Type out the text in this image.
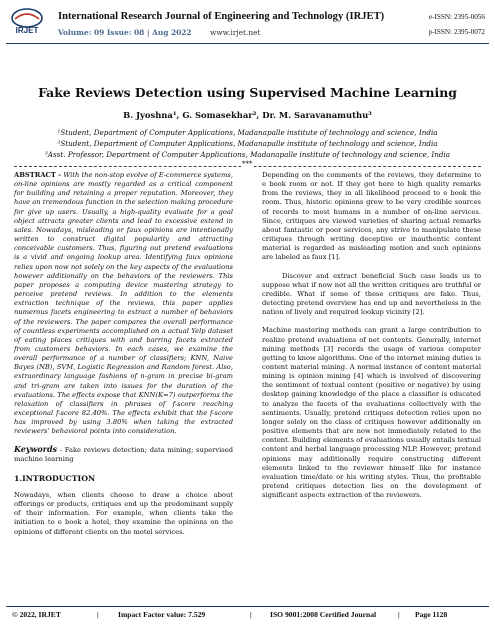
IRJET
International Research Journal of Engineering and Technology (IRJET)
Volume: 09 Issue: 08 | Aug 2022 www.irjet.net
e-ISSN: 2395-0056
p-ISSN: 2395-0072
Fake Reviews Detection using Supervised Machine Learning
B. Jyoshna¹, G. Somasekhar², Dr. M. Saravanamuthu³
¹Student, Department of Computer Applications, Madanapalle institute of technology and science, India
²Student, Department of Computer Applications, Madanapalle institute of technology and science, India
³Asst. Professor, Department of Computer Applications, Madanapalle institute of technology and science, India
***

ABSTRACT - With the non-stop evolve of E-commerce systems, on-line opinions are mostly regarded as a critical component for building and retaining a proper reputation. Moreover, they have an tremendous function in the selection making procedure for give up users. Usually, a high-quality evaluate for a goal object attracts greater clients and lead to excessive extend in sales. Nowadays, misleading or faux opinions are intentionally written to construct digital popularity and attracting conceivable customers. Thus, figuring out pretend evaluations is a vivid and ongoing lookup area. Identifying faux opinions relies upon now not solely on the key aspects of the evaluations however additionally on the behaviors of the reviewers. This paper proposes a computing device mastering strategy to perceive pretend reviews. In addition to the elements extraction technique of the reviews, this paper applies numerous facets engineering to extract a number of behaviors of the reviewers. The paper compares the overall performance of countless experiments accomplished on a actual Yelp dataset of eating places critiques with and barring facets extracted from customers behaviors. In each cases, we examine the overall performance of a number of classifiers; KNN, Naive Bayes (NB), SVM, Logistic Regression and Random forest. Also, extraordinary language fashions of n-gram in precise bi-gram and tri-gram are taken into issues for the duration of the evaluations. The effects expose that KNN(K=7) outperforms the relaxation of classifiers in phrases of f-score reaching exceptional f-score 82.40%. The effects exhibit that the f-score has improved by using 3.80% when taking the extracted reviewers' behavioral points into consideration.

Keywords - Fake reviews detection; data mining; supervised machine learning

1.INTRODUCTION

Nowadays, when clients choose to draw a choice about offerings or products, critiques end up the predominant supply of their information. For example, when clients take the initiation to e book a hotel, they examine the opinions on the opinions of different clients on the motel services.

Depending on the comments of the reviews, they determine to e book room or not. If they got here to high quality remarks from the reviews, they in all likelihood proceed to e book the room. Thus, historic opinions grew to be very credible sources of records to most humans in a number of on-line services. Since, critiques are viewed varieties of sharing actual remarks about fantastic or poor services, any strive to manipulate these critiques through writing deceptive or inauthentic content material is regarded as misleading motion and such opinions are labeled as faux [1].

Discover and extract beneficial Such case leads us to suppose what if now not all the written critiques are truthful or credible. What if some of these critiques are fake. Thus, detecting pretend overview has end up and nevertheless in the nation of lively and required lookup vicinity [2].

Machine mastering methods can grant a large contribution to realize pretend evaluations of net contents. Generally, internet mining methods [3] records the usage of various computer getting to know algorithms. One of the internet mining duties is content material mining. A normal instance of content material mining is opinion mining [4] which is involved of discovering the sentiment of textual content (positive or negative) by using desktop gaining knowledge of the place a classifier is educated to analyze the facets of the evaluations collectively with the sentiments. Usually, pretend critiques detection relies upon no longer solely on the class of critiques however additionally on positive elements that are now not immediately related to the content. Building elements of evaluations usually entails textual content and herbal language processing NLP. However, pretend opinions may additionally require constructing different elements linked to the reviewer himself like for instance evaluation time/date or his writing styles. Thus, the profitable pretend critiques detection lies on the development of significant aspects extraction of the reviewers.

© 2022, IRJET	|	Impact Factor value: 7.529	| ISO 9001:2008 Certified Journal	| Page 1128
